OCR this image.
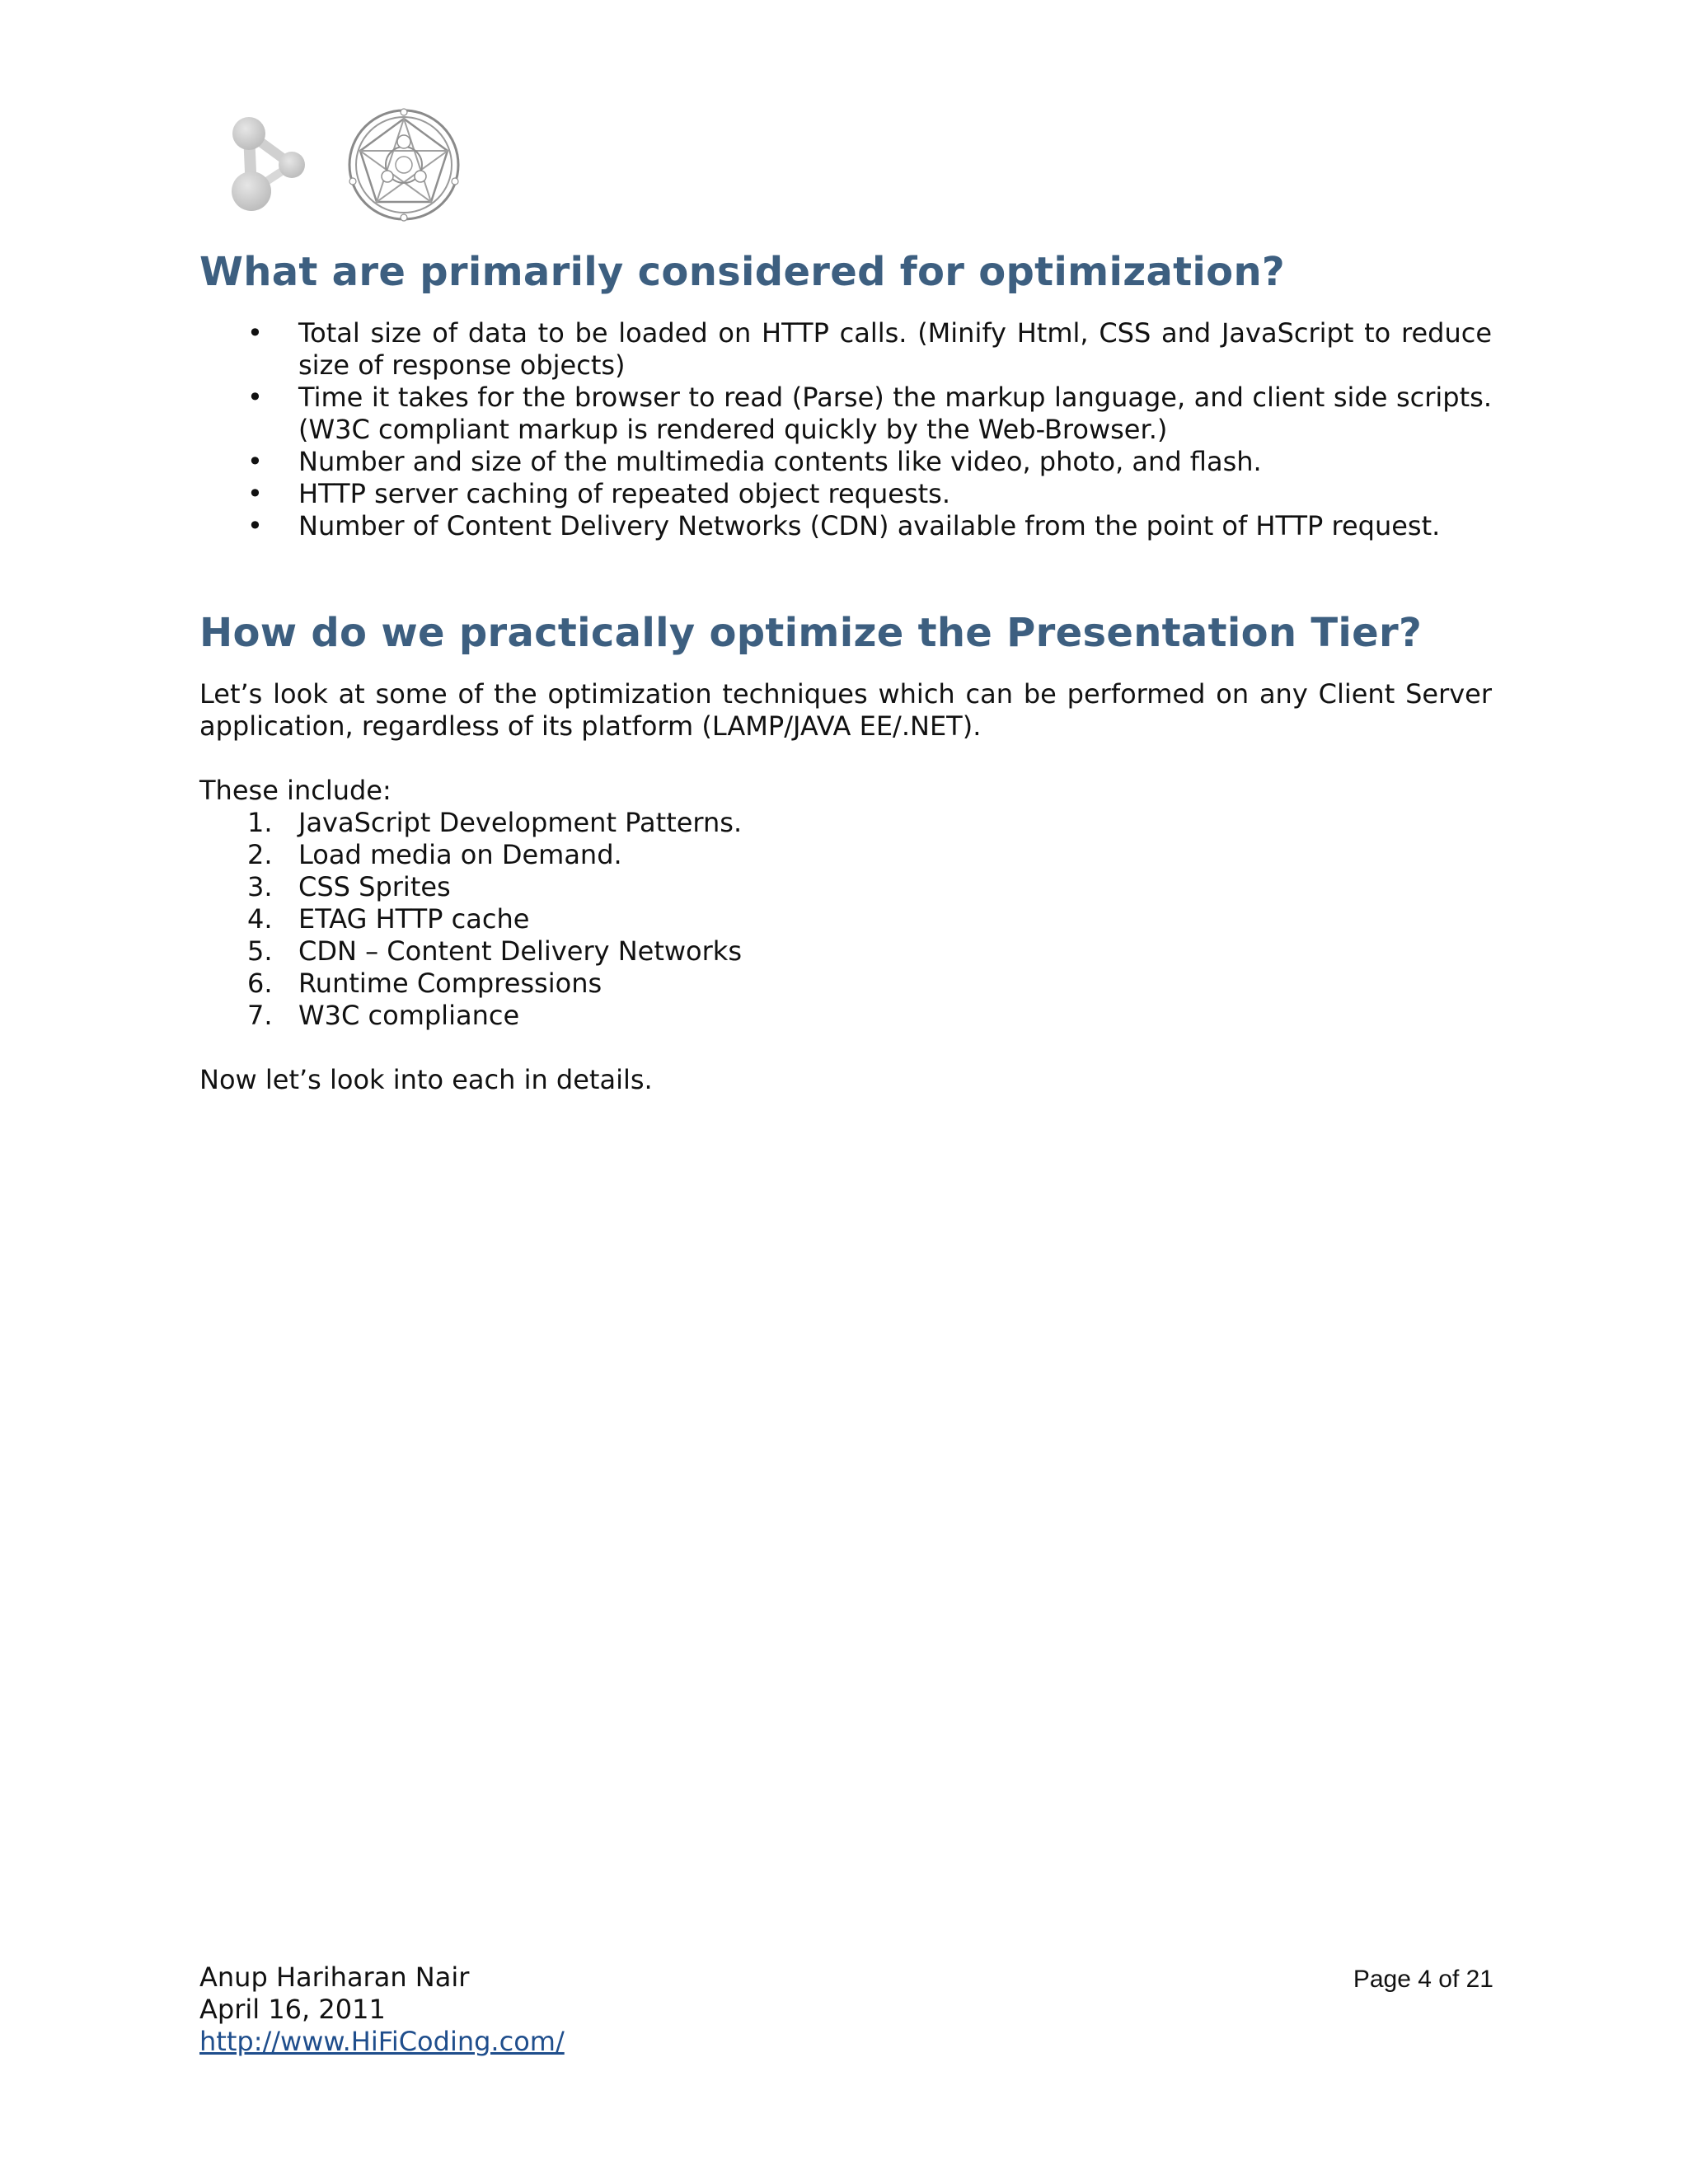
What are primarily considered for optimization?
• Total size of data to be loaded on HTTP calls. (Minify Html, CSS and JavaScript to reduce size of response objects)
• Time it takes for the browser to read (Parse) the markup language, and client side scripts. (W3C compliant markup is rendered quickly by the Web-Browser.)
• Number and size of the multimedia contents like video, photo, and flash.
• HTTP server caching of repeated object requests.
• Number of Content Delivery Networks (CDN) available from the point of HTTP request.
How do we practically optimize the Presentation Tier?

Let’s look at some of the optimization techniques which can be performed on any Client Server application, regardless of its platform (LAMP/JAVA EE/.NET).

These include:

1. JavaScript Development Patterns.
2. Load media on Demand.
3. CSS Sprites
4. ETAG HTTP cache
5. CDN – Content Delivery Networks
6. Runtime Compressions
7. W3C compliance

Now let’s look into each in details.

Anup Hariharan Nair
April 16, 2011
http://www.HiFiCoding.com/
Page 4 of 21
